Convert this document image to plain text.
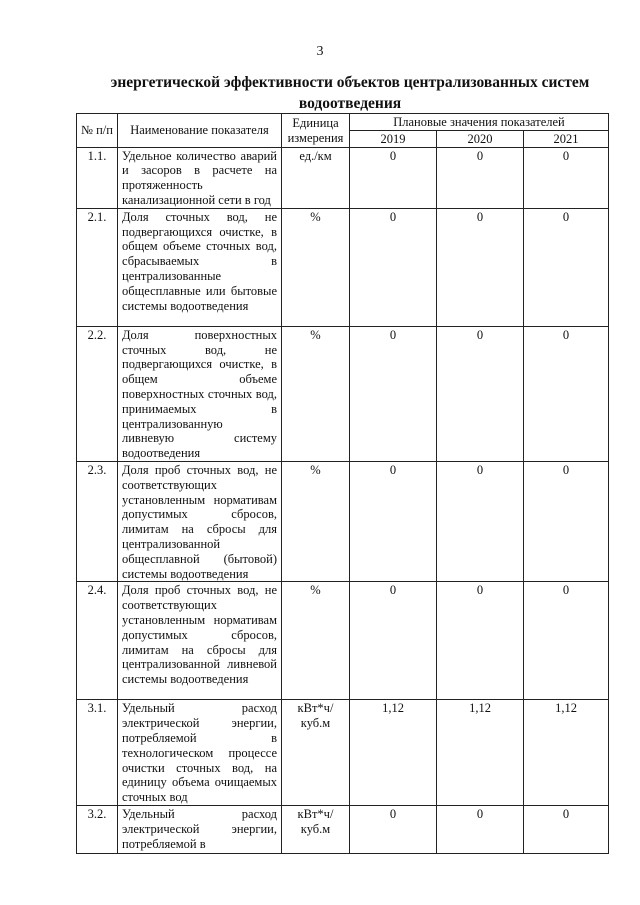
3
энергетической эффективности объектов централизованных систем водоотведения
№ п/п	Наименование показателя	Единица измерения	Плановые значения показателей		
			2019	2020	2021
1.1.	Удельное количество аварий и засоров в расчете на протяженность канализационной сети в год	ед./км	0	0	0
2.1.	Доля сточных вод, не подвергающихся очистке, в общем объеме сточных вод, сбрасываемых в централизованные общесплавные или бытовые системы водоотведения	%	0	0	0
2.2.	Доля поверхностных сточных вод, не подвергающихся очистке, в общем объеме поверхностных сточных вод, принимаемых в централизованную ливневую систему водоотведения	%	0	0	0
2.3.	Доля проб сточных вод, не соответствующих установленным нормативам допустимых сбросов, лимитам на сбросы для централизованной общесплавной (бытовой) системы водоотведения	%	0	0	0
2.4.	Доля проб сточных вод, не соответствующих установленным нормативам допустимых сбросов, лимитам на сбросы для централизованной ливневой системы водоотведения	%	0	0	0
3.1.	Удельный расход электрической энергии, потребляемой в технологическом процессе очистки сточных вод, на единицу объема очищаемых сточных вод	кВт*ч/ куб.м	1,12	1,12	1,12
3.2.	Удельный расход электрической энергии, потребляемой в	кВт*ч/ куб.м	0	0	0
